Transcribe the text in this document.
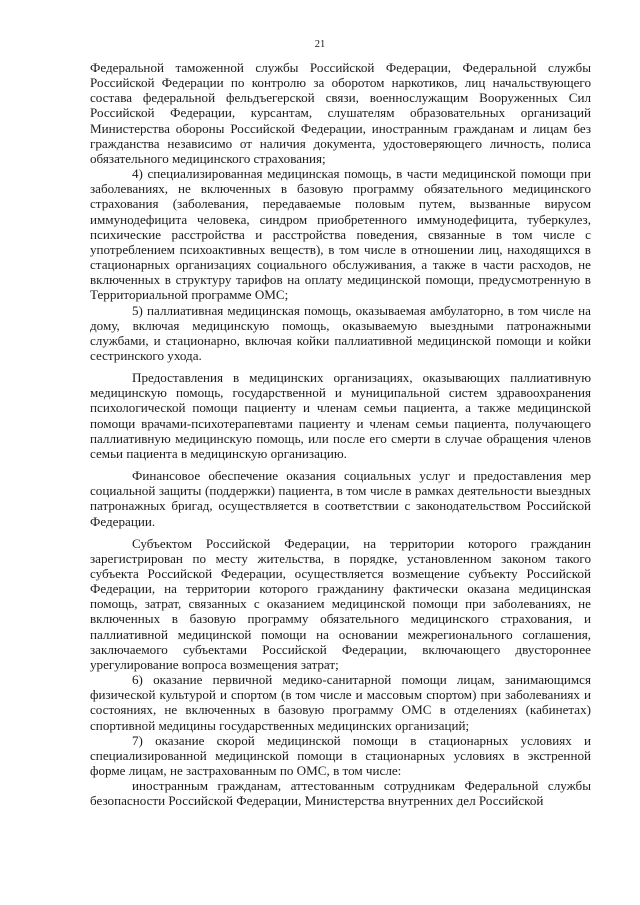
21

Федеральной таможенной службы Российской Федерации, Федеральной службы Российской Федерации по контролю за оборотом наркотиков, лиц начальствующего состава федеральной фельдъегерской связи, военнослужащим Вооруженных Сил Российской Федерации, курсантам, слушателям образовательных организаций Министерства обороны Российской Федерации, иностранным гражданам и лицам без гражданства независимо от наличия документа, удостоверяющего личность, полиса обязательного медицинского страхования;

4) специализированная медицинская помощь, в части медицинской помощи при заболеваниях, не включенных в базовую программу обязательного медицинского страхования (заболевания, передаваемые половым путем, вызванные вирусом иммунодефицита человека, синдром приобретенного иммунодефицита, туберкулез, психические расстройства и расстройства поведения, связанные в том числе с употреблением психоактивных веществ), в том числе в отношении лиц, находящихся в стационарных организациях социального обслуживания, а также в части расходов, не включенных в структуру тарифов на оплату медицинской помощи, предусмотренную в Территориальной программе ОМС;

5) паллиативная медицинская помощь, оказываемая амбулаторно, в том числе на дому, включая медицинскую помощь, оказываемую выездными патронажными службами, и стационарно, включая койки паллиативной медицинской помощи и койки сестринского ухода.

Предоставления в медицинских организациях, оказывающих паллиативную медицинскую помощь, государственной и муниципальной систем здравоохранения психологической помощи пациенту и членам семьи пациента, а также медицинской помощи врачами-психотерапевтами пациенту и членам семьи пациента, получающего паллиативную медицинскую помощь, или после его смерти в случае обращения членов семьи пациента в медицинскую организацию.

Финансовое обеспечение оказания социальных услуг и предоставления мер социальной защиты (поддержки) пациента, в том числе в рамках деятельности выездных патронажных бригад, осуществляется в соответствии с законодательством Российской Федерации.

Субъектом Российской Федерации, на территории которого гражданин зарегистрирован по месту жительства, в порядке, установленном законом такого субъекта Российской Федерации, осуществляется возмещение субъекту Российской Федерации, на территории которого гражданину фактически оказана медицинская помощь, затрат, связанных с оказанием медицинской помощи при заболеваниях, не включенных в базовую программу обязательного медицинского страхования, и паллиативной медицинской помощи на основании межрегионального соглашения, заключаемого субъектами Российской Федерации, включающего двустороннее урегулирование вопроса возмещения затрат;

6) оказание первичной медико-санитарной помощи лицам, занимающимся физической культурой и спортом (в том числе и массовым спортом) при заболеваниях и состояниях, не включенных в базовую программу ОМС в отделениях (кабинетах) спортивной медицины государственных медицинских организаций;

7) оказание скорой медицинской помощи в стационарных условиях и специализированной медицинской помощи в стационарных условиях в экстренной форме лицам, не застрахованным по ОМС, в том числе:

иностранным гражданам, аттестованным сотрудникам Федеральной службы безопасности Российской Федерации, Министерства внутренних дел Российской
